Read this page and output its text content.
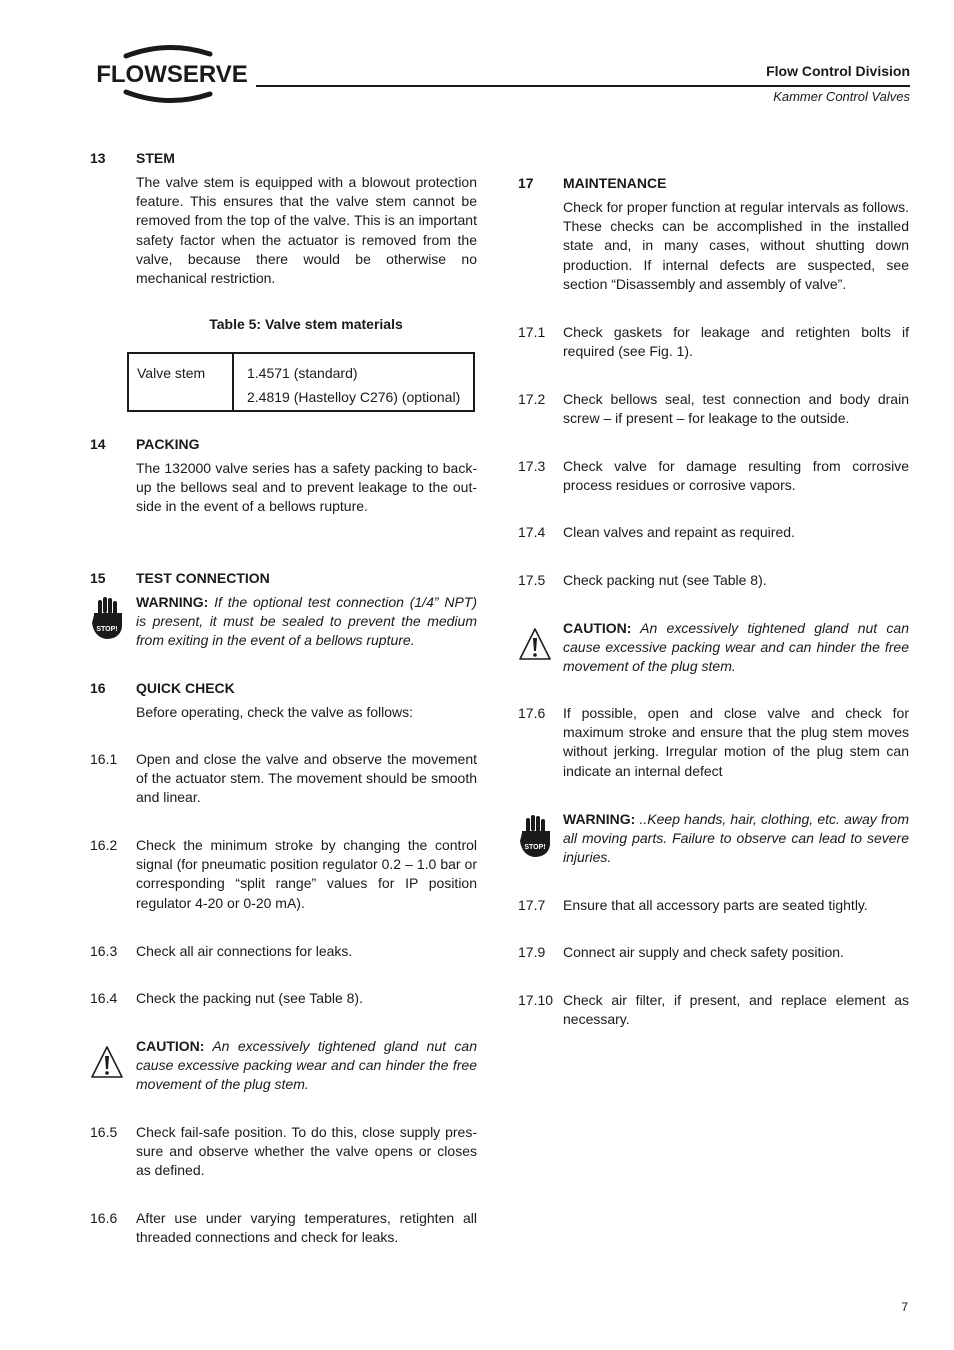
FLOWSERVE	Flow Control Division
Kammer Control Valves
13 STEM
The valve stem is equipped with a blowout protection feature. This ensures that the valve stem cannot be removed from the top of the valve. This is an important safety factor when the actuator is removed from the valve, because there would be otherwise no mechanical restriction.
Table 5: Valve stem materials
Valve stem	1.4571 (standard)
2.4819 (Hastelloy C276) (optional)
14 PACKING
The 132000 valve series has a safety packing to back-up the bellows seal and to prevent leakage to the out-side in the event of a bellows rupture.
15 TEST CONNECTION
STOP!
WARNING: If the optional test connection (1/4” NPT) is present, it must be sealed to prevent the medium from exiting in the event of a bellows rupture.
16 QUICK CHECK
Before operating, check the valve as follows:
16.1 Open and close the valve and observe the movement of the actuator stem. The movement should be smooth and linear.
16.2 Check the minimum stroke by changing the control signal (for pneumatic position regulator 0.2 – 1.0 bar or corresponding “split range” values for IP position regulator 4-20 or 0-20 mA).
16.3 Check all air connections for leaks.
16.4 Check the packing nut (see Table 8).
CAUTION: An excessively tightened gland nut can cause excessive packing wear and can hinder the free movement of the plug stem.
16.5 Check fail-safe position. To do this, close supply pres-sure and observe whether the valve opens or closes as defined.
16.6 After use under varying temperatures, retighten all threaded connections and check for leaks.
17 MAINTENANCE
Check for proper function at regular intervals as follows. These checks can be accomplished in the installed state and, in many cases, without shutting down production. If internal defects are suspected, see section “Disassembly and assembly of valve”.
17.1 Check gaskets for leakage and retighten bolts if required (see Fig. 1).
17.2 Check bellows seal, test connection and body drain screw – if present – for leakage to the outside.
17.3 Check valve for damage resulting from corrosive process residues or corrosive vapors.
17.4 Clean valves and repaint as required.
17.5 Check packing nut (see Table 8).
CAUTION: An excessively tightened gland nut can cause excessive packing wear and can hinder the free movement of the plug stem.
17.6 If possible, open and close valve and check for maximum stroke and ensure that the plug stem moves without jerking. Irregular motion of the plug stem can indicate an internal defect
STOP!
WARNING: ..Keep hands, hair, clothing, etc. away from all moving parts. Failure to observe can lead to severe injuries.
17.7 Ensure that all accessory parts are seated tightly.
17.9 Connect air supply and check safety position.
17.10 Check air filter, if present, and replace element as necessary.
7
